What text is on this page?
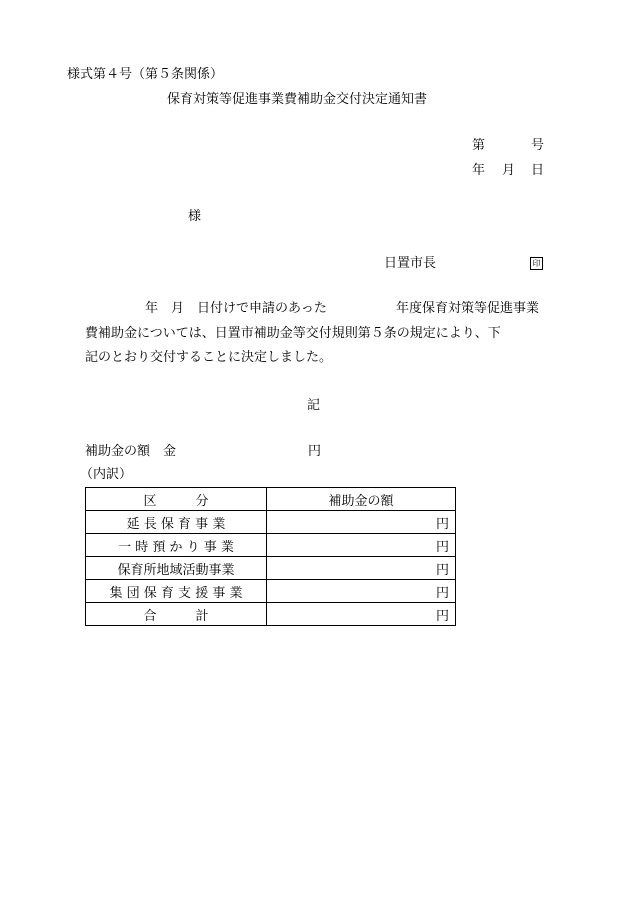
様式第４号（第５条関係）
保育対策等促進事業費補助金交付決定通知書
第	号
年 月 日
様
日置市長	印
年　月　日付けで申請のあった	年度保育対策等促進事業
費補助金については、日置市補助金等交付規則第５条の規定により、下
記のとおり交付することに決定しました。
記
補助金の額　金	円
（内訳）
区　　　分	補助金の額
延 長 保 育 事 業	円
一 時 預 か り 事 業	円
保育所地域活動事業	円
集 団 保 育 支 援 事 業	円
合　　　計	円
